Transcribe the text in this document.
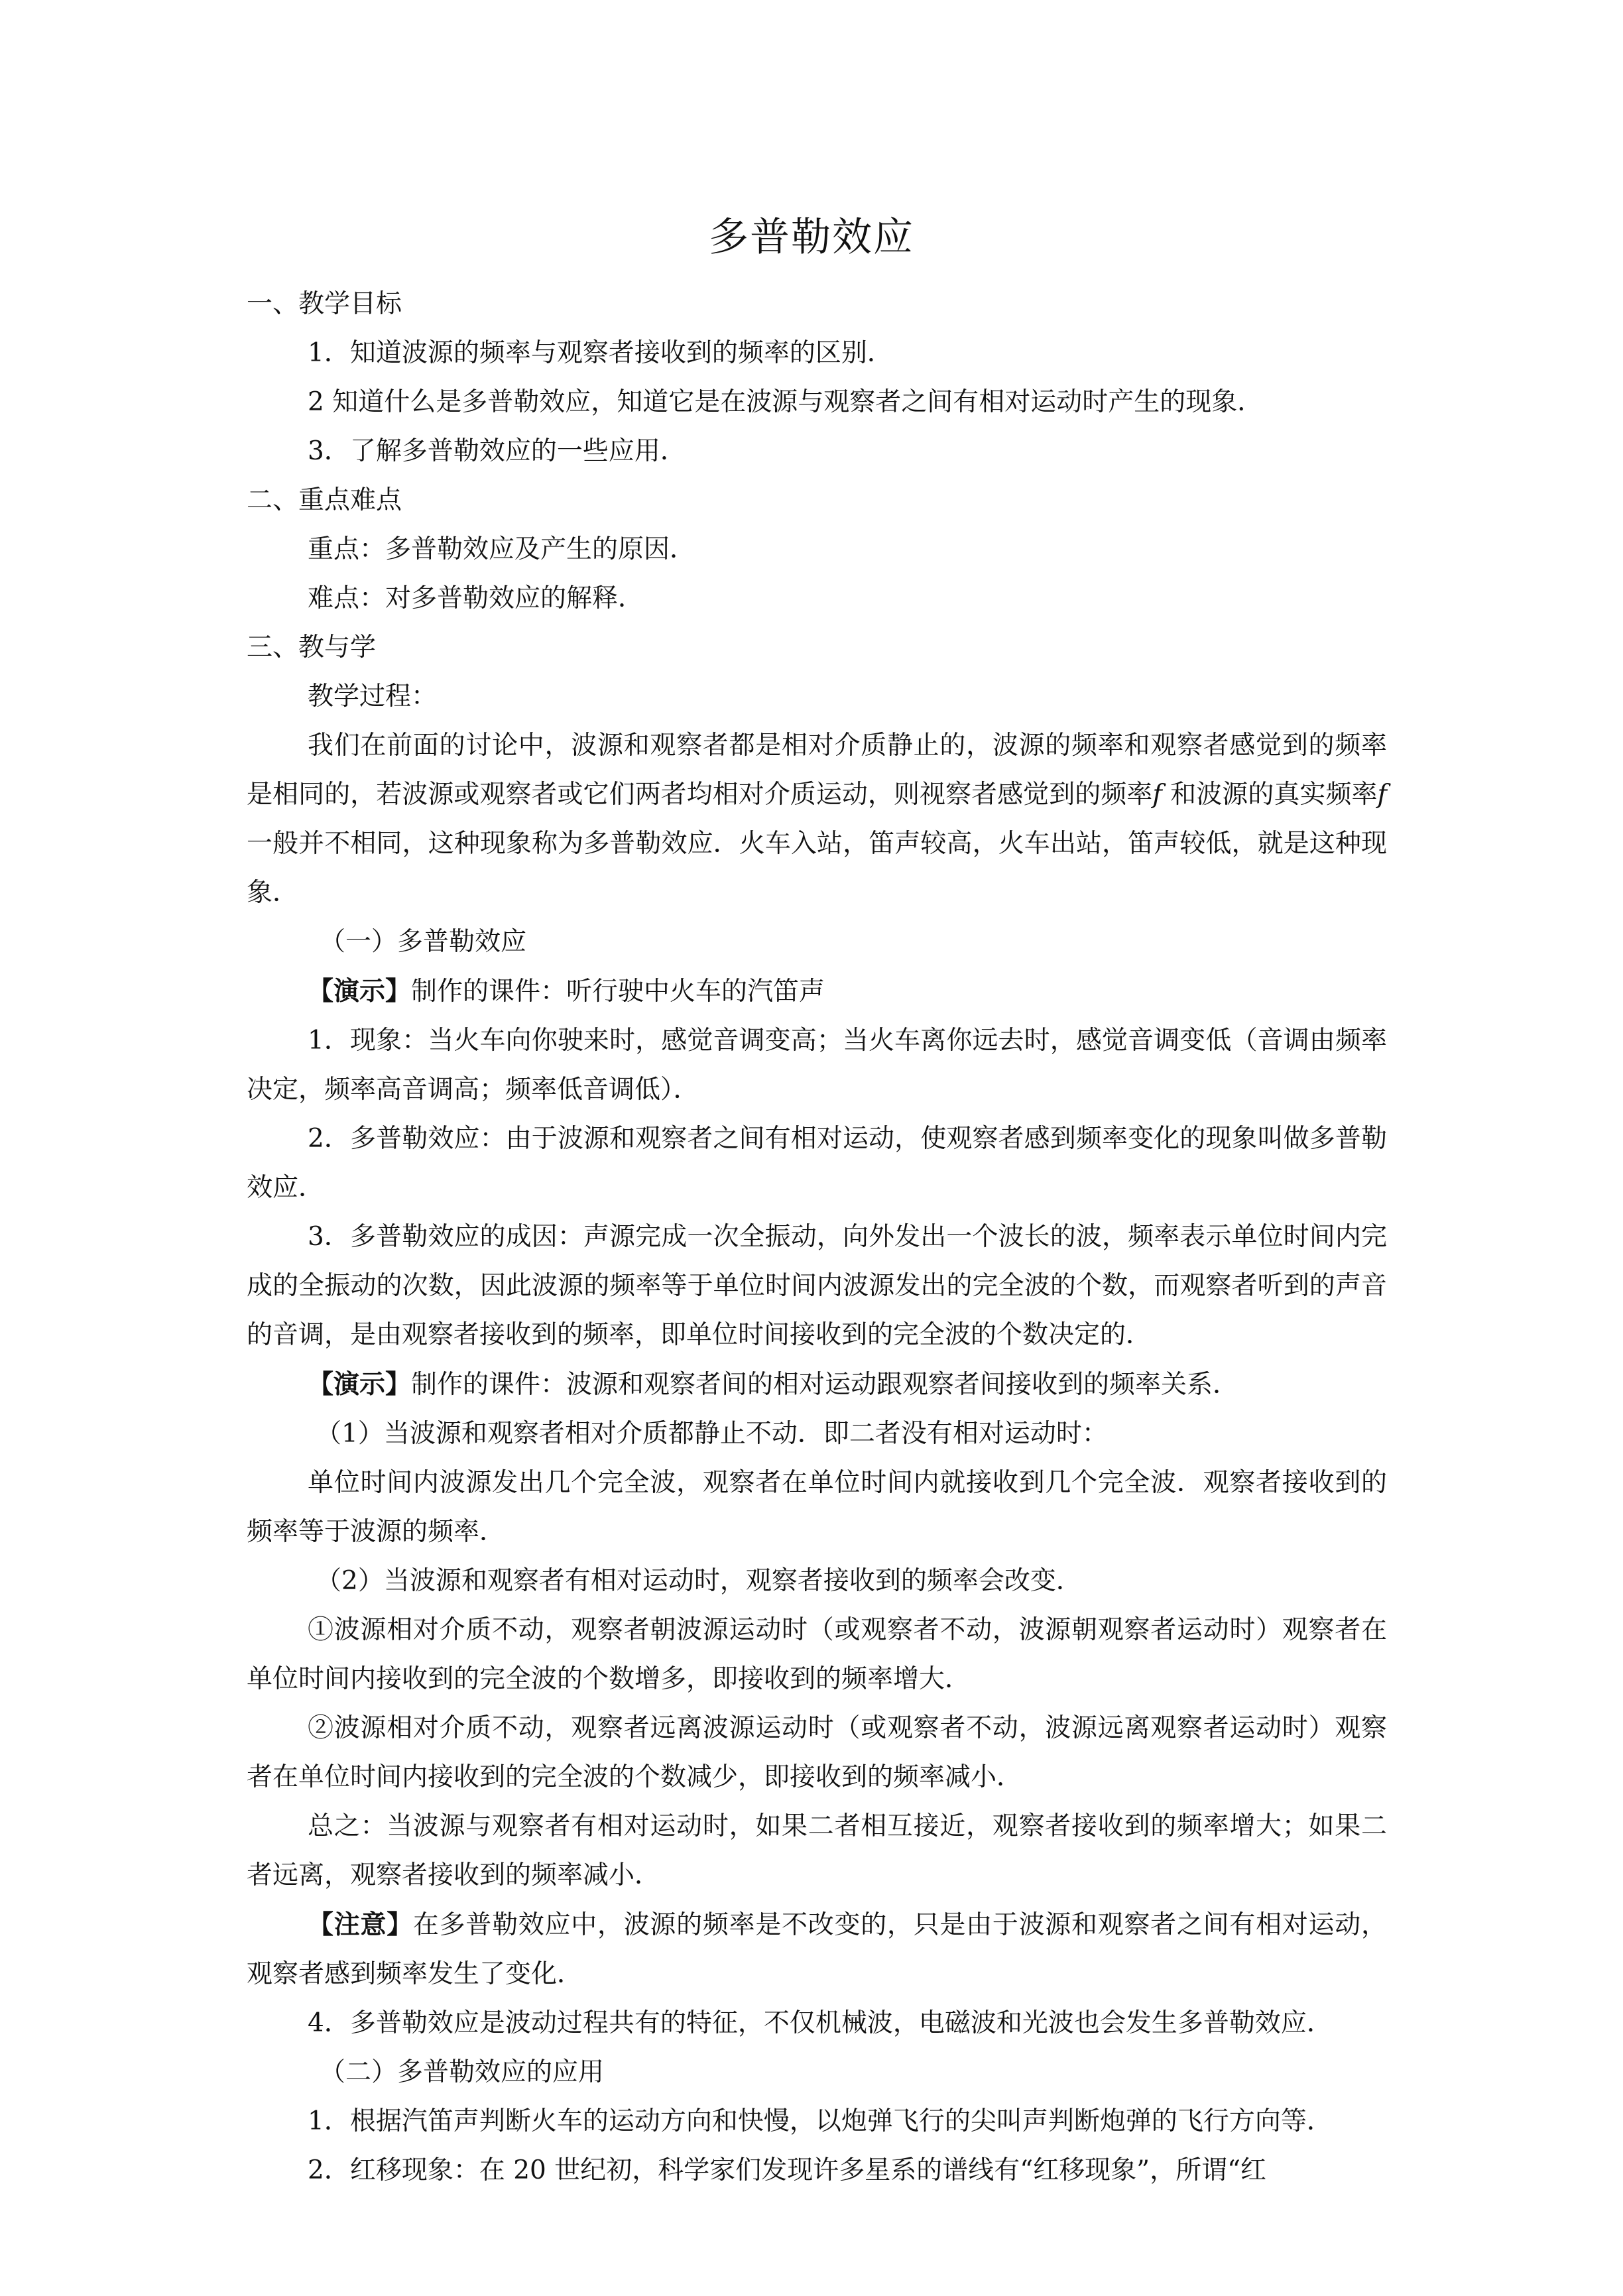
多普勒效应

一、教学目标

1．知道波源的频率与观察者接收到的频率的区别．

2 知道什么是多普勒效应，知道它是在波源与观察者之间有相对运动时产生的现象．

3．了解多普勒效应的一些应用．

二、重点难点

重点：多普勒效应及产生的原因．

难点：对多普勒效应的解释．

三、教与学

教学过程：

我们在前面的讨论中，波源和观察者都是相对介质静止的，波源的频率和观察者感觉到的频率是相同的，若波源或观察者或它们两者均相对介质运动，则视察者感觉到的频率f 和波源的真实频率f 一般并不相同，这种现象称为多普勒效应．火车入站，笛声较高，火车出站，笛声较低，就是这种现象．

（一）多普勒效应

【演示】制作的课件：听行驶中火车的汽笛声

1．现象：当火车向你驶来时，感觉音调变高；当火车离你远去时，感觉音调变低（音调由频率决定，频率高音调高；频率低音调低）．

2．多普勒效应：由于波源和观察者之间有相对运动，使观察者感到频率变化的现象叫做多普勒效应．

3．多普勒效应的成因：声源完成一次全振动，向外发出一个波长的波，频率表示单位时间内完成的全振动的次数，因此波源的频率等于单位时间内波源发出的完全波的个数，而观察者听到的声音的音调，是由观察者接收到的频率，即单位时间接收到的完全波的个数决定的．

【演示】制作的课件：波源和观察者间的相对运动跟观察者间接收到的频率关系．

（1）当波源和观察者相对介质都静止不动．即二者没有相对运动时：

单位时间内波源发出几个完全波，观察者在单位时间内就接收到几个完全波．观察者接收到的频率等于波源的频率．

（2）当波源和观察者有相对运动时，观察者接收到的频率会改变．

①波源相对介质不动，观察者朝波源运动时（或观察者不动，波源朝观察者运动时）观察者在单位时间内接收到的完全波的个数增多，即接收到的频率增大．

②波源相对介质不动，观察者远离波源运动时（或观察者不动，波源远离观察者运动时）观察者在单位时间内接收到的完全波的个数减少，即接收到的频率减小．

总之：当波源与观察者有相对运动时，如果二者相互接近，观察者接收到的频率增大；如果二者远离，观察者接收到的频率减小．

【注意】在多普勒效应中，波源的频率是不改变的，只是由于波源和观察者之间有相对运动，观察者感到频率发生了变化．

4．多普勒效应是波动过程共有的特征，不仅机械波，电磁波和光波也会发生多普勒效应．

（二）多普勒效应的应用

1．根据汽笛声判断火车的运动方向和快慢，以炮弹飞行的尖叫声判断炮弹的飞行方向等．

2．红移现象：在 20 世纪初，科学家们发现许多星系的谱线有“红移现象”，所谓“红
